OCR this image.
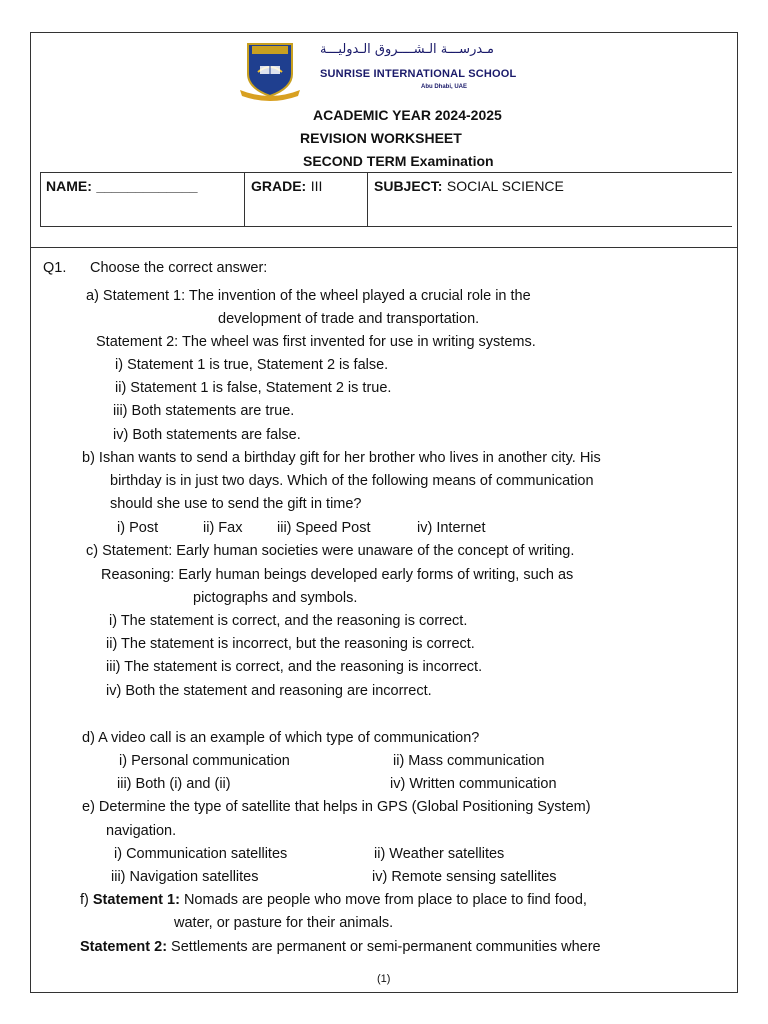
مـدرســـة الـشــــروق الـدوليـــة
SUNRISE INTERNATIONAL SCHOOL
Abu Dhabi, UAE
ACADEMIC YEAR 2024-2025
REVISION WORKSHEET
SECOND TERM Examination
NAME: _____________	GRADE: III	SUBJECT: SOCIAL SCIENCE
Q1. Choose the correct answer:
a) Statement 1: The invention of the wheel played a crucial role in the
development of trade and transportation.
Statement 2: The wheel was first invented for use in writing systems.
i) Statement 1 is true, Statement 2 is false.
ii) Statement 1 is false, Statement 2 is true.
iii) Both statements are true.
iv) Both statements are false.
b) Ishan wants to send a birthday gift for her brother who lives in another city. His
birthday is in just two days. Which of the following means of communication
should she use to send the gift in time?
i) Post	ii) Fax iii) Speed Post	iv) Internet
c) Statement: Early human societies were unaware of the concept of writing.
Reasoning: Early human beings developed early forms of writing, such as
pictographs and symbols.
i) The statement is correct, and the reasoning is correct.
ii) The statement is incorrect, but the reasoning is correct.
iii) The statement is correct, and the reasoning is incorrect.
iv) Both the statement and reasoning are incorrect.
d) A video call is an example of which type of communication?
i) Personal communication	ii) Mass communication
iii) Both (i) and (ii)	iv) Written communication
e) Determine the type of satellite that helps in GPS (Global Positioning System)
navigation.
i) Communication satellites	ii) Weather satellites
iii) Navigation satellites	iv) Remote sensing satellites
f) Statement 1: Nomads are people who move from place to place to find food,
water, or pasture for their animals.
Statement 2: Settlements are permanent or semi-permanent communities where
(1)
